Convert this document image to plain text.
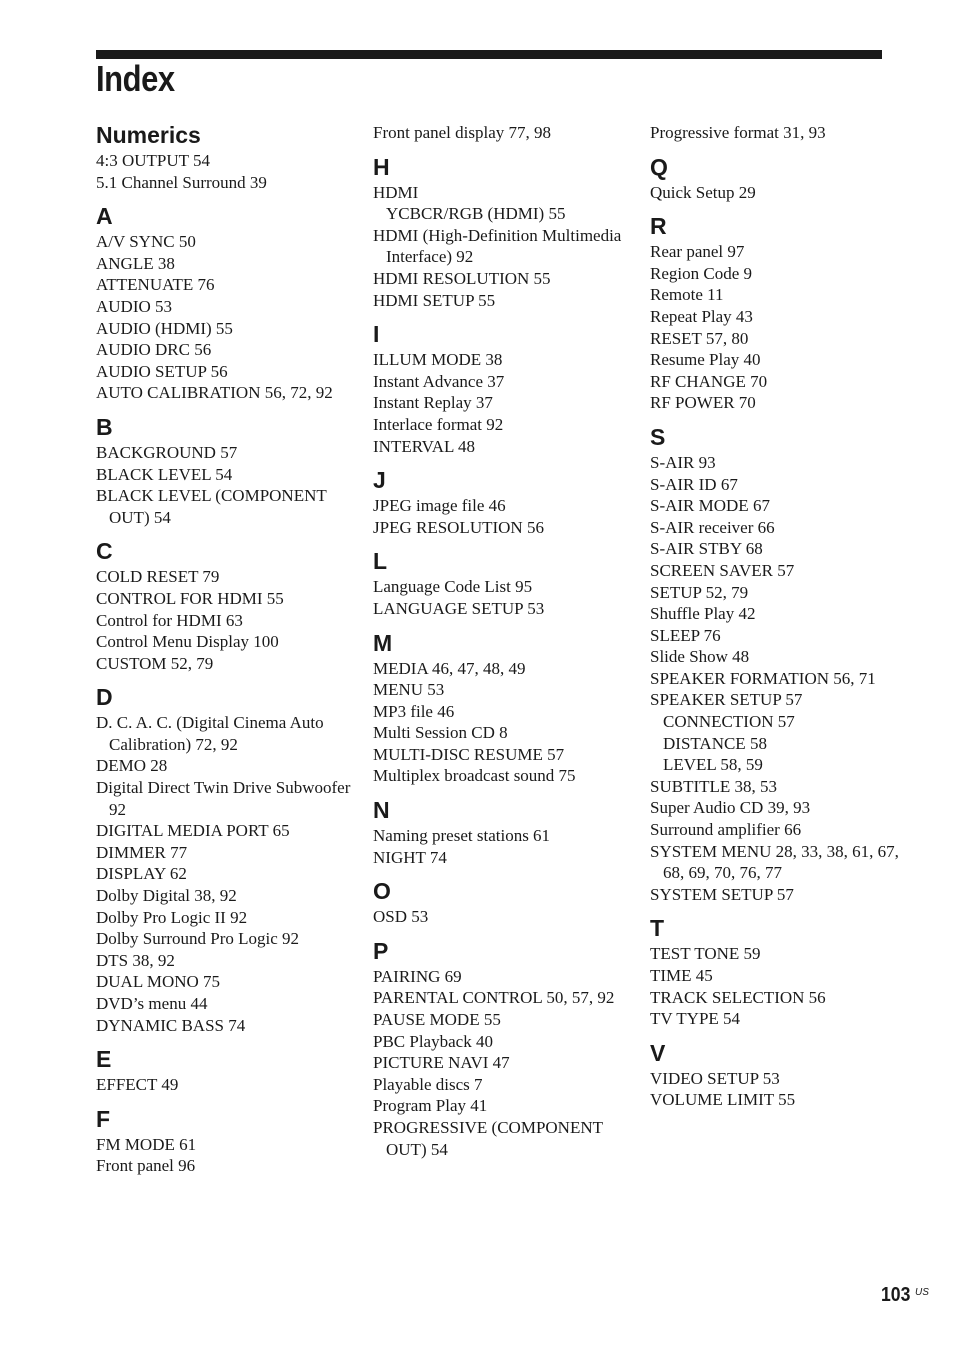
Index
Numerics
4:3 OUTPUT 54
5.1 Channel Surround 39
A
A/V SYNC 50
ANGLE 38
ATTENUATE 76
AUDIO 53
AUDIO (HDMI) 55
AUDIO DRC 56
AUDIO SETUP 56
AUTO CALIBRATION 56, 72, 92
B
BACKGROUND 57
BLACK LEVEL 54
BLACK LEVEL (COMPONENT OUT) 54
C
COLD RESET 79
CONTROL FOR HDMI 55
Control for HDMI 63
Control Menu Display 100
CUSTOM 52, 79
D
D. C. A. C. (Digital Cinema Auto Calibration) 72, 92
DEMO 28
Digital Direct Twin Drive Subwoofer 92
DIGITAL MEDIA PORT 65
DIMMER 77
DISPLAY 62
Dolby Digital 38, 92
Dolby Pro Logic II 92
Dolby Surround Pro Logic 92
DTS 38, 92
DUAL MONO 75
DVD’s menu 44
DYNAMIC BASS 74
E
EFFECT 49
F
FM MODE 61
Front panel 96
Front panel display 77, 98
H
HDMI
YCBCR/RGB (HDMI) 55
HDMI (High-Definition Multimedia Interface) 92
HDMI RESOLUTION 55
HDMI SETUP 55
I
ILLUM MODE 38
Instant Advance 37
Instant Replay 37
Interlace format 92
INTERVAL 48
J
JPEG image file 46
JPEG RESOLUTION 56
L
Language Code List 95
LANGUAGE SETUP 53
M
MEDIA 46, 47, 48, 49
MENU 53
MP3 file 46
Multi Session CD 8
MULTI-DISC RESUME 57
Multiplex broadcast sound 75
N
Naming preset stations 61
NIGHT 74
O
OSD 53
P
PAIRING 69
PARENTAL CONTROL 50, 57, 92
PAUSE MODE 55
PBC Playback 40
PICTURE NAVI 47
Playable discs 7
Program Play 41
PROGRESSIVE (COMPONENT OUT) 54
Progressive format 31, 93
Q
Quick Setup 29
R
Rear panel 97
Region Code 9
Remote 11
Repeat Play 43
RESET 57, 80
Resume Play 40
RF CHANGE 70
RF POWER 70
S
S-AIR 93
S-AIR ID 67
S-AIR MODE 67
S-AIR receiver 66
S-AIR STBY 68
SCREEN SAVER 57
SETUP 52, 79
Shuffle Play 42
SLEEP 76
Slide Show 48
SPEAKER FORMATION 56, 71
SPEAKER SETUP 57
CONNECTION 57
DISTANCE 58
LEVEL 58, 59
SUBTITLE 38, 53
Super Audio CD 39, 93
Surround amplifier 66
SYSTEM MENU 28, 33, 38, 61, 67, 68, 69, 70, 76, 77
SYSTEM SETUP 57
T
TEST TONE 59
TIME 45
TRACK SELECTION 56
TV TYPE 54
V
VIDEO SETUP 53
VOLUME LIMIT 55
103 US
